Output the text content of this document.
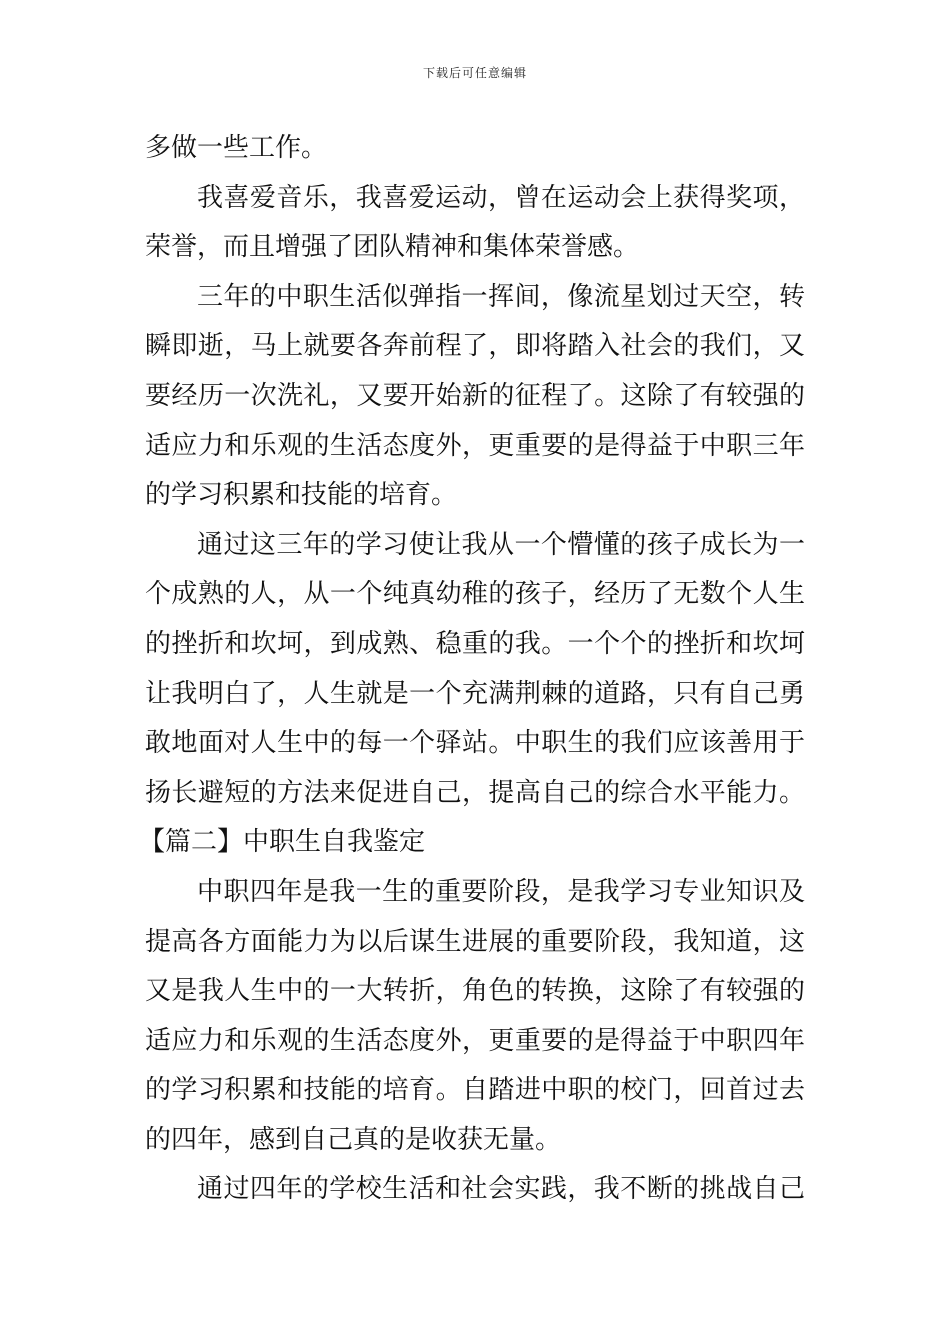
下载后可任意编辑
多做一些工作。
我喜爱音乐，我喜爱运动，曾在运动会上获得奖项，
荣誉，而且增强了团队精神和集体荣誉感。
三年的中职生活似弹指一挥间，像流星划过天空，转
瞬即逝，马上就要各奔前程了，即将踏入社会的我们，又
要经历一次洗礼，又要开始新的征程了。这除了有较强的
适应力和乐观的生活态度外，更重要的是得益于中职三年
的学习积累和技能的培育。
通过这三年的学习使让我从一个懵懂的孩子成长为一
个成熟的人，从一个纯真幼稚的孩子，经历了无数个人生
的挫折和坎坷，到成熟、稳重的我。一个个的挫折和坎坷
让我明白了，人生就是一个充满荆棘的道路，只有自己勇
敢地面对人生中的每一个驿站。中职生的我们应该善用于
扬长避短的方法来促进自己，提高自己的综合水平能力。
【篇二】中职生自我鉴定
中职四年是我一生的重要阶段，是我学习专业知识及
提高各方面能力为以后谋生进展的重要阶段，我知道，这
又是我人生中的一大转折，角色的转换，这除了有较强的
适应力和乐观的生活态度外，更重要的是得益于中职四年
的学习积累和技能的培育。自踏进中职的校门，回首过去
的四年，感到自己真的是收获无量。
通过四年的学校生活和社会实践，我不断的挑战自己
